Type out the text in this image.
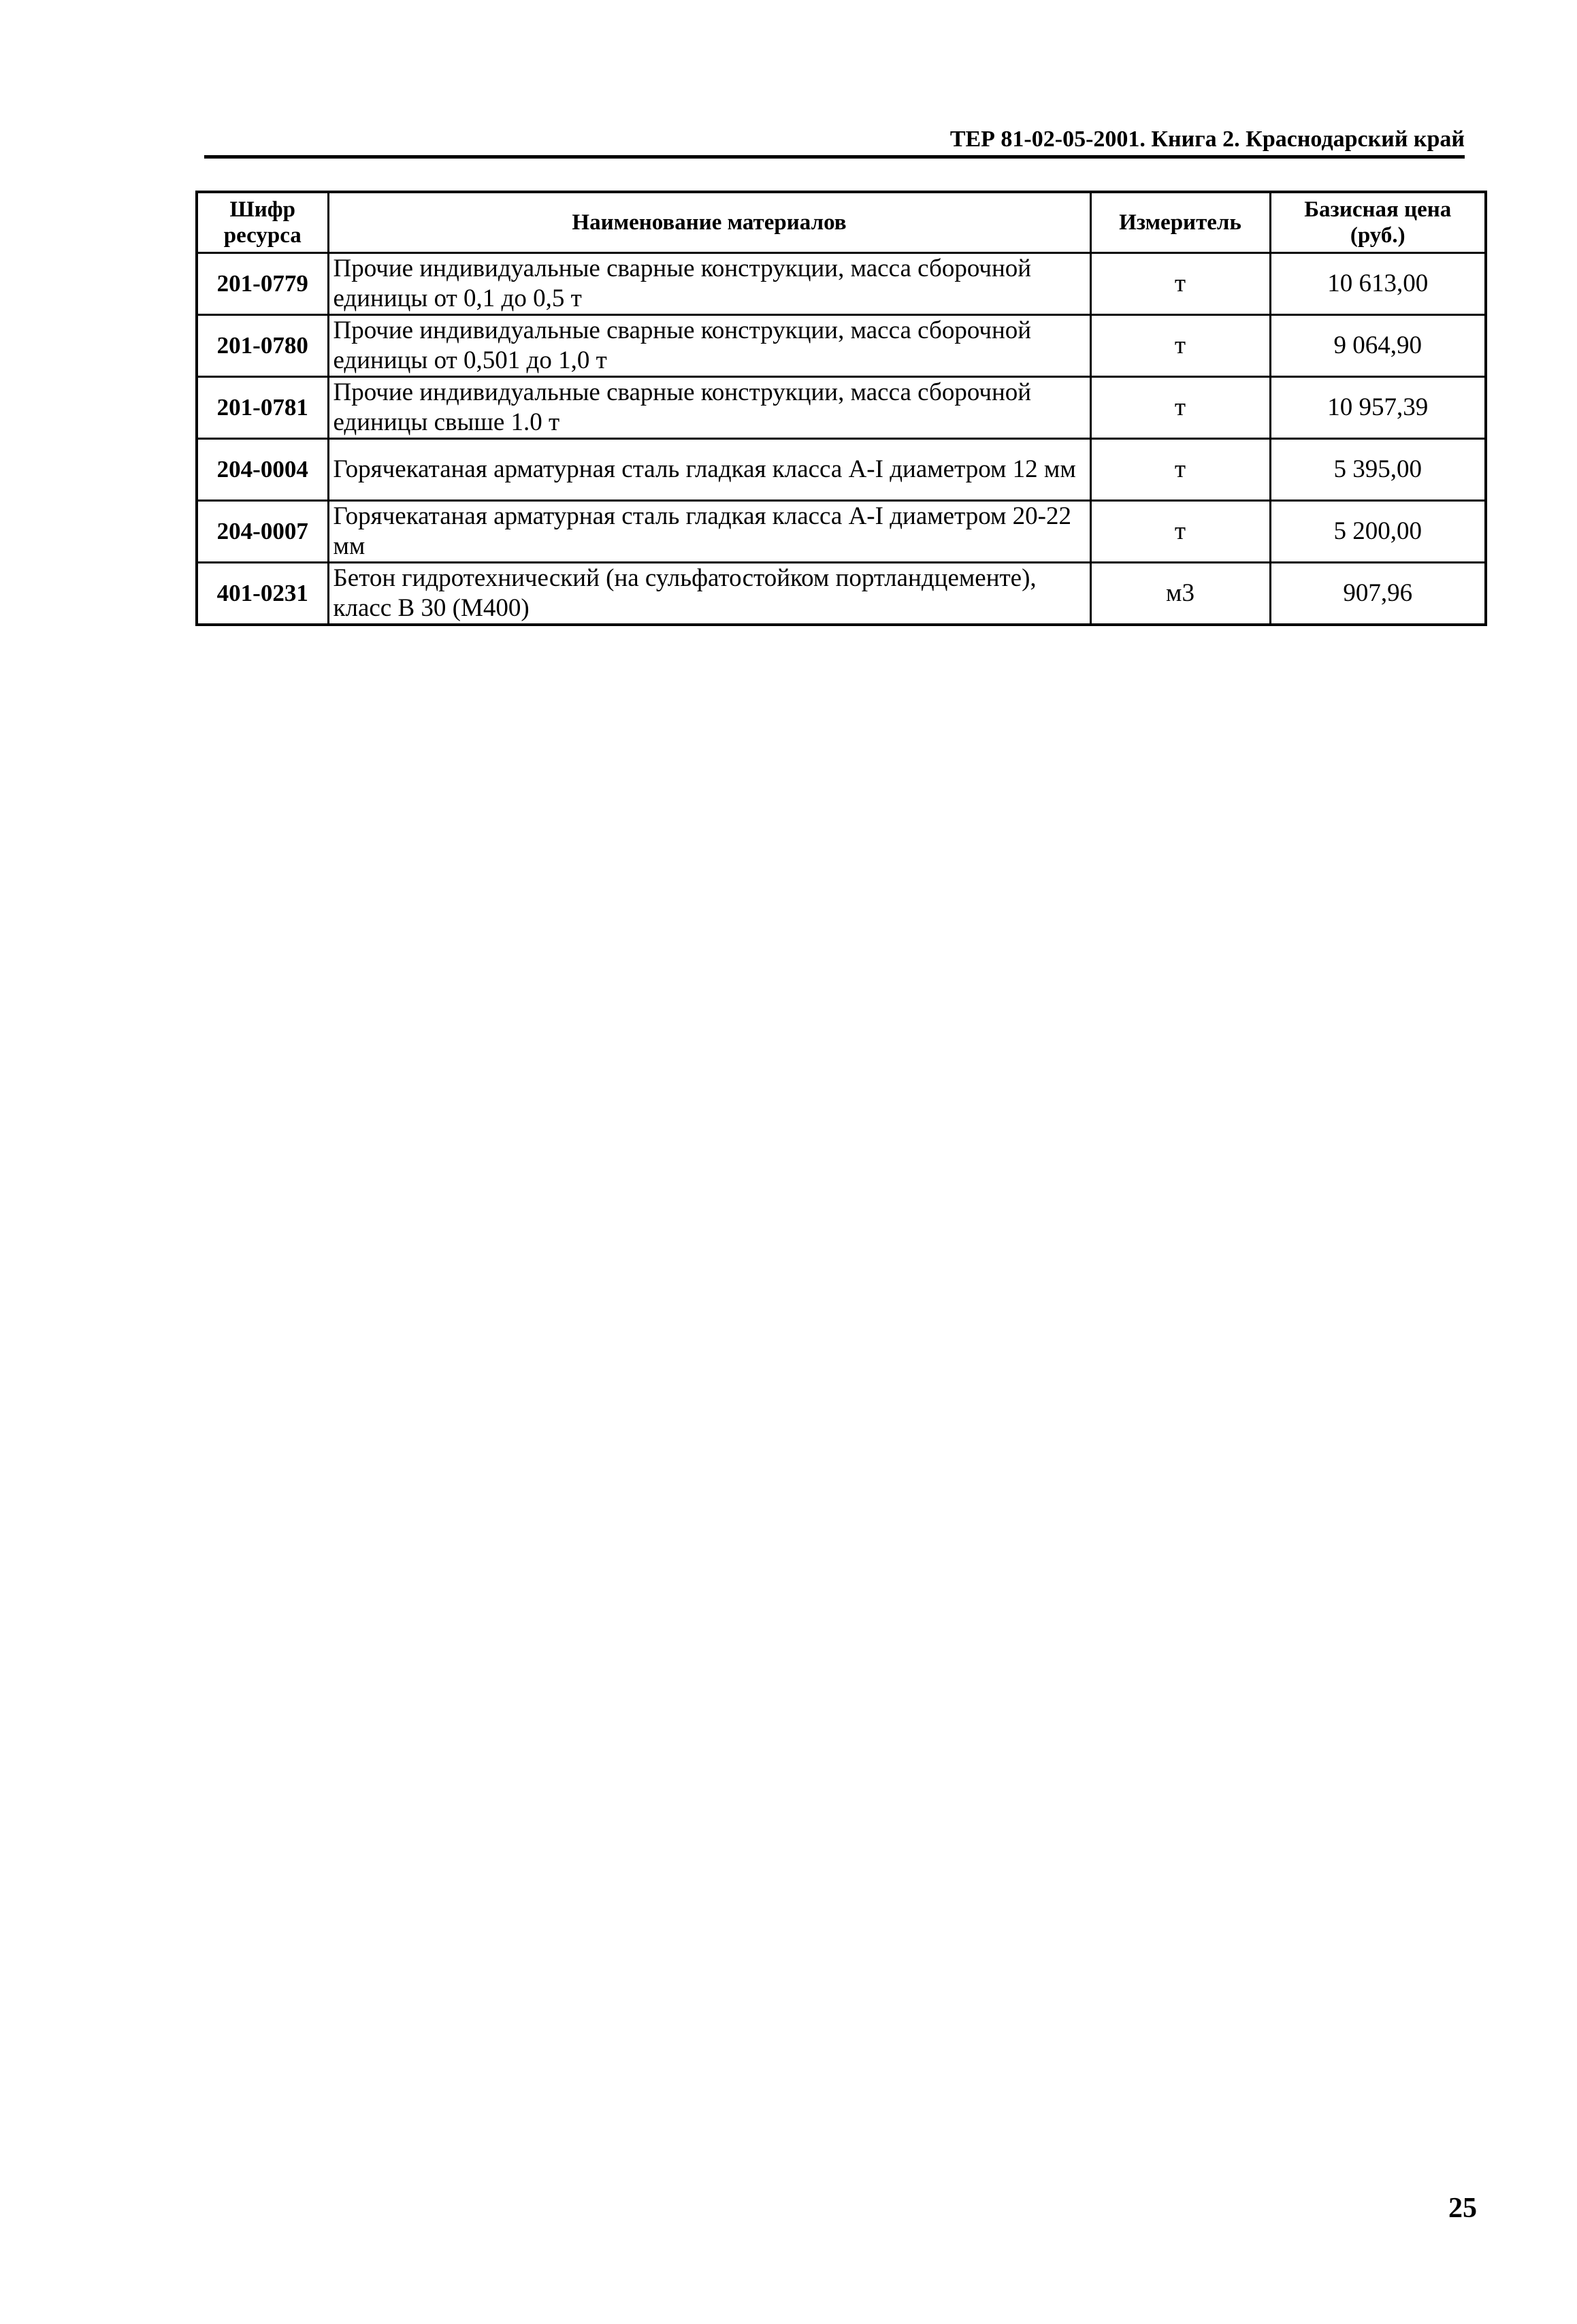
ТЕР 81-02-05-2001. Книга 2. Краснодарский край
Шифр ресурса	Наименование материалов	Измеритель	Базисная цена (руб.)
201-0779	Прочие индивидуальные сварные конструкции, масса сборочной единицы от 0,1 до 0,5 т	т	10 613,00
201-0780	Прочие индивидуальные сварные конструкции, масса сборочной единицы от 0,501 до 1,0 т	т	9 064,90
201-0781	Прочие индивидуальные сварные конструкции, масса сборочной единицы свыше 1.0 т	т	10 957,39
204-0004	Горячекатаная арматурная сталь гладкая класса А-I диаметром 12 мм	т	5 395,00
204-0007	Горячекатаная арматурная сталь гладкая класса А-I диаметром 20-22 мм	т	5 200,00
401-0231	Бетон гидротехнический (на сульфатостойком портландцементе), класс В 30 (М400)	м3	907,96
25
